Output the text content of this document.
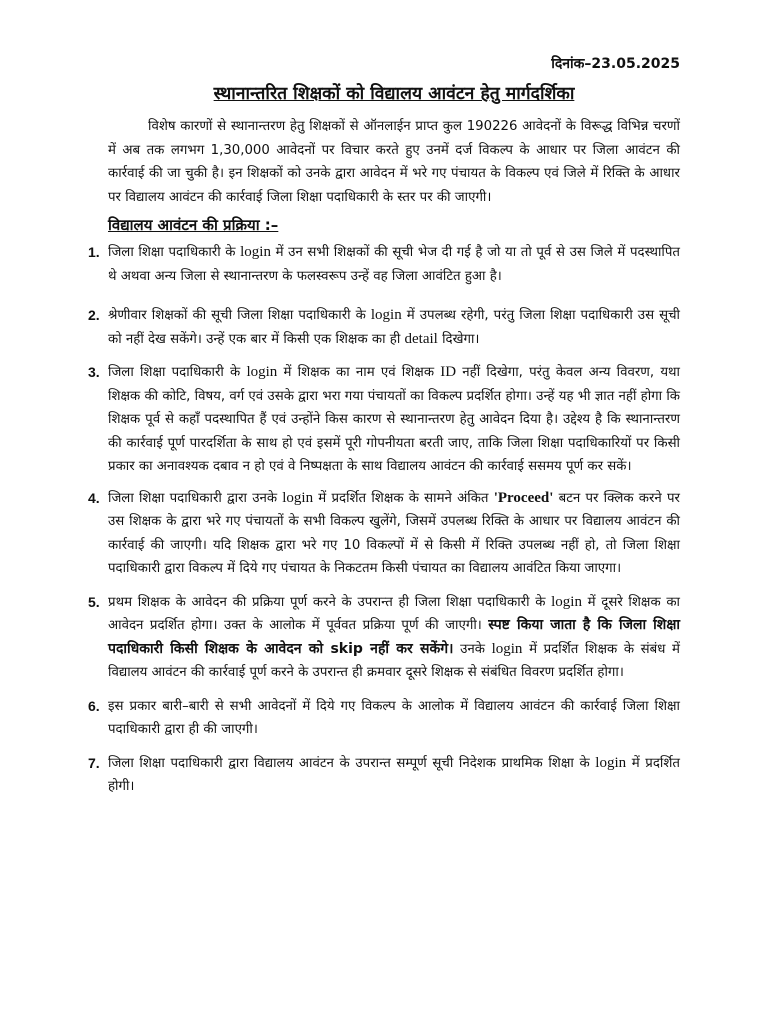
दिनांक–23.05.2025
स्थानान्तरित शिक्षकों को विद्यालय आवंटन हेतु मार्गदर्शिका

विशेष कारणों से स्थानान्तरण हेतु शिक्षकों से ऑनलाईन प्राप्त कुल 190226 आवेदनों के विरूद्ध विभिन्न चरणों में अब तक लगभग 1,30,000 आवेदनों पर विचार करते हुए उनमें दर्ज विकल्प के आधार पर जिला आवंटन की कार्रवाई की जा चुकी है। इन शिक्षकों को उनके द्वारा आवेदन में भरे गए पंचायत के विकल्प एवं जिले में रिक्ति के आधार पर विद्यालय आवंटन की कार्रवाई जिला शिक्षा पदाधिकारी के स्तर पर की जाएगी।

विद्यालय आवंटन की प्रक्रिया :–
1. जिला शिक्षा पदाधिकारी के login में उन सभी शिक्षकों की सूची भेज दी गई है जो या तो पूर्व से उस जिले में पदस्थापित थे अथवा अन्य जिला से स्थानान्तरण के फलस्वरूप उन्हें वह जिला आवंटित हुआ है।
2. श्रेणीवार शिक्षकों की सूची जिला शिक्षा पदाधिकारी के login में उपलब्ध रहेगी, परंतु जिला शिक्षा पदाधिकारी उस सूची को नहीं देख सकेंगे। उन्हें एक बार में किसी एक शिक्षक का ही detail दिखेगा।
3. जिला शिक्षा पदाधिकारी के login में शिक्षक का नाम एवं शिक्षक ID नहीं दिखेगा, परंतु केवल अन्य विवरण, यथा शिक्षक की कोटि, विषय, वर्ग एवं उसके द्वारा भरा गया पंचायतों का विकल्प प्रदर्शित होगा। उन्हें यह भी ज्ञात नहीं होगा कि शिक्षक पूर्व से कहाँ पदस्थापित हैं एवं उन्होंने किस कारण से स्थानान्तरण हेतु आवेदन दिया है। उद्देश्य है कि स्थानान्तरण की कार्रवाई पूर्ण पारदर्शिता के साथ हो एवं इसमें पूरी गोपनीयता बरती जाए, ताकि जिला शिक्षा पदाधिकारियों पर किसी प्रकार का अनावश्यक दबाव न हो एवं वे निष्पक्षता के साथ विद्यालय आवंटन की कार्रवाई ससमय पूर्ण कर सकें।
4. जिला शिक्षा पदाधिकारी द्वारा उनके login में प्रदर्शित शिक्षक के सामने अंकित 'Proceed' बटन पर क्लिक करने पर उस शिक्षक के द्वारा भरे गए पंचायतों के सभी विकल्प खुलेंगे, जिसमें उपलब्ध रिक्ति के आधार पर विद्यालय आवंटन की कार्रवाई की जाएगी। यदि शिक्षक द्वारा भरे गए 10 विकल्पों में से किसी में रिक्ति उपलब्ध नहीं हो, तो जिला शिक्षा पदाधिकारी द्वारा विकल्प में दिये गए पंचायत के निकटतम किसी पंचायत का विद्यालय आवंटित किया जाएगा।
5. प्रथम शिक्षक के आवेदन की प्रक्रिया पूर्ण करने के उपरान्त ही जिला शिक्षा पदाधिकारी के login में दूसरे शिक्षक का आवेदन प्रदर्शित होगा। उक्त के आलोक में पूर्ववत प्रक्रिया पूर्ण की जाएगी। स्पष्ट किया जाता है कि जिला शिक्षा पदाधिकारी किसी शिक्षक के आवेदन को skip नहीं कर सकेंगे। उनके login में प्रदर्शित शिक्षक के संबंध में विद्यालय आवंटन की कार्रवाई पूर्ण करने के उपरान्त ही क्रमवार दूसरे शिक्षक से संबंधित विवरण प्रदर्शित होगा।
6. इस प्रकार बारी–बारी से सभी आवेदनों में दिये गए विकल्प के आलोक में विद्यालय आवंटन की कार्रवाई जिला शिक्षा पदाधिकारी द्वारा ही की जाएगी।
7. जिला शिक्षा पदाधिकारी द्वारा विद्यालय आवंटन के उपरान्त सम्पूर्ण सूची निदेशक प्राथमिक शिक्षा के login में प्रदर्शित होगी।
